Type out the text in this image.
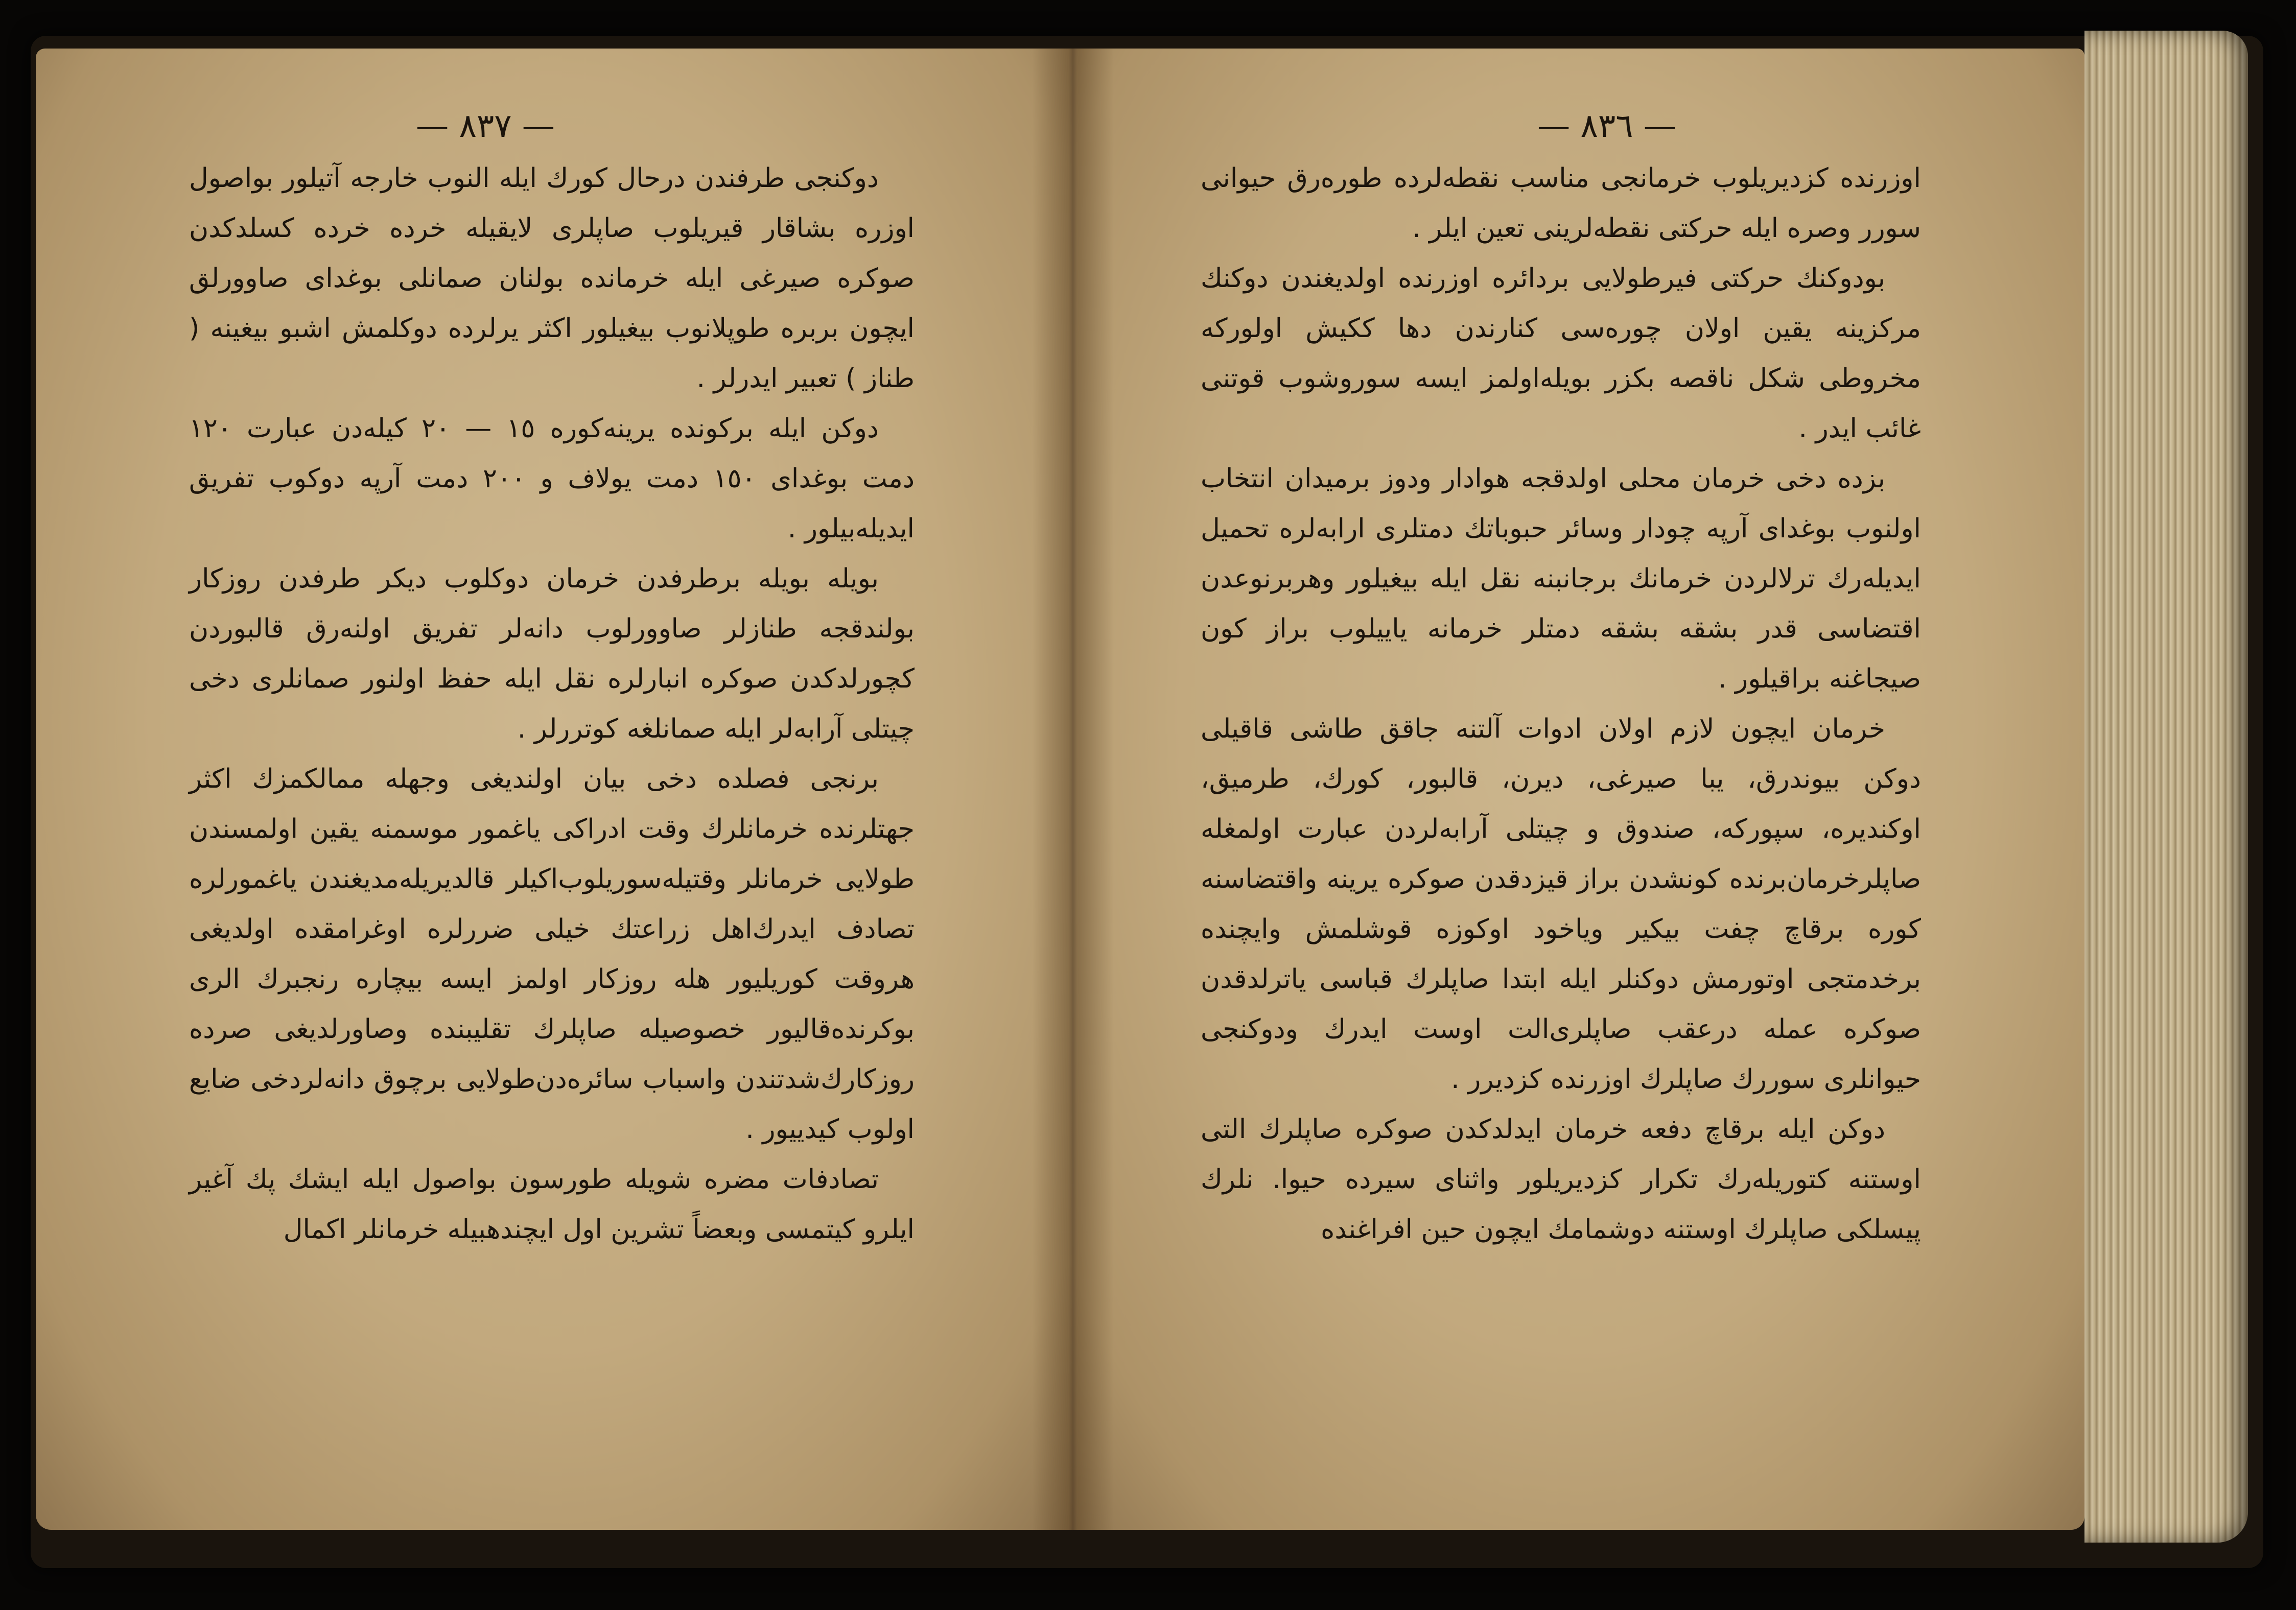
— ٨٣٧ —

دوکنجی طرفندن درحال کورك ایله النوب خارجه آتیلور بواصول اوزره بشاقار قیریلوب صاپلری لایقیله خرده خرده کسلدکدن صوکره صیرغی ایله خرمانده بولنان صمانلی بوغدای صاوورلق ایچون بربره طوپلانوب بیغیلور اکثر یرلرده دوکلمش اشبو بیغینه ( طناز ) تعبیر ایدرلر .

دوکن ایله برکونده یرینه‌کوره ١٥ — ٢٠ کیله‌دن عبارت ١٢٠ دمت بوغدای ١٥٠ دمت یولاف و ٢٠٠ دمت آرپه دوکوب تفریق ایدیله‌بیلور .

بویله بویله برطرفدن خرمان دوکلوب دیکر طرفدن روزکار بولندقجه طنازلر صاوورلوب دانه‌لر تفریق اولنه‌رق قالبوردن کچورلدکدن صوکره انبارلره نقل ایله حفظ اولنور صمانلری دخی چیتلی آرابه‌لر ایله صمانلغه کوتررلر .

برنجی فصلده دخی بیان اولندیغی وجهله ممالکمزك اکثر جهتلرنده خرمانلرك وقت ادراکی یاغمور موسمنه یقین اولمسندن طولایی خرمانلر وقتیله‌سوریلوب‌اکیلر قالدیریله‌مدیغندن یاغمورلره تصادف ایدرك‌اهل زراعتك خیلی ضررلره اوغرامقده اولدیغی هروقت کوریلیور هله روزکار اولمز ایسه بیچاره رنجبرك الری بوکرنده‌قالیور خصوصیله صاپلرك تقلیبنده وصاورلدیغی صرده روزکارك‌شدتندن واسباب سائره‌دن‌طولایی برچوق دانه‌لردخی ضایع اولوب کیدییور .

تصادفات مضره شویله طورسون بواصول ایله ایشك پك آغیر ایلرو کیتمسی وبعضاً تشرین اول ایچندهبیله خرمانلر اکمال

— ٨٣٦ —

اوزرنده کزدیریلوب خرمانجی مناسب نقطه‌لرده طوره‌رق حیوانی سورر وصره ایله حرکتی نقطه‌لرینی تعین ایلر .

بودوکنك حرکتی فیرطولایی بردائره اوزرنده اولدیغندن دوکنك مرکزینه یقین اولان چوره‌سی کنارندن دها ککیش اولورکه مخروطی شکل ناقصه بکزر بویله‌اولمز ایسه سوروشوب قوتنی غائب ایدر .

بزده دخی خرمان محلی اولدقجه هوادار ودوز برمیدان انتخاب اولنوب بوغدای آرپه چودار وسائر حبوباتك دمتلری ارابه‌لره تحمیل ایدیله‌رك ترلالردن خرمانك برجانبنه نقل ایله بیغیلور وهربرنوعدن اقتضاسی قدر بشقه بشقه دمتلر خرمانه یاییلوب براز کون صیجاغنه براقیلور .

خرمان ایچون لازم اولان ادوات آلتنه جاقق طاشی قاقیلی دوکن بیوندرق، یبا صیرغی، دیرن، قالبور، کورك، طرمیق، اوکندیره، سپورکه، صندوق و چیتلی آرابه‌لردن عبارت اولمغله صاپلرخرمان‌برنده کونشدن براز قیزدقدن صوکره یرینه واقتضاسنه کوره برقاچ چفت بیکیر ویاخود اوکوزه قوشلمش وایچنده برخدمتجی اوتورمش دوکنلر ایله ابتدا صاپلرك قباسی یاترلدقدن صوکره عمله درعقب صاپلری‌الت اوست ایدرك ودوکنجی حیوانلری سوررك صاپلرك اوزرنده کزدیرر .

دوکن ایله برقاچ دفعه خرمان ایدلدکدن صوکره صاپلرك التی اوستنه کتوریله‌رك تکرار کزدیریلور واثنای سیرده حیوا. نلرك پیسلکی صاپلرك اوستنه دوشمامك ایچون حین افراغنده
